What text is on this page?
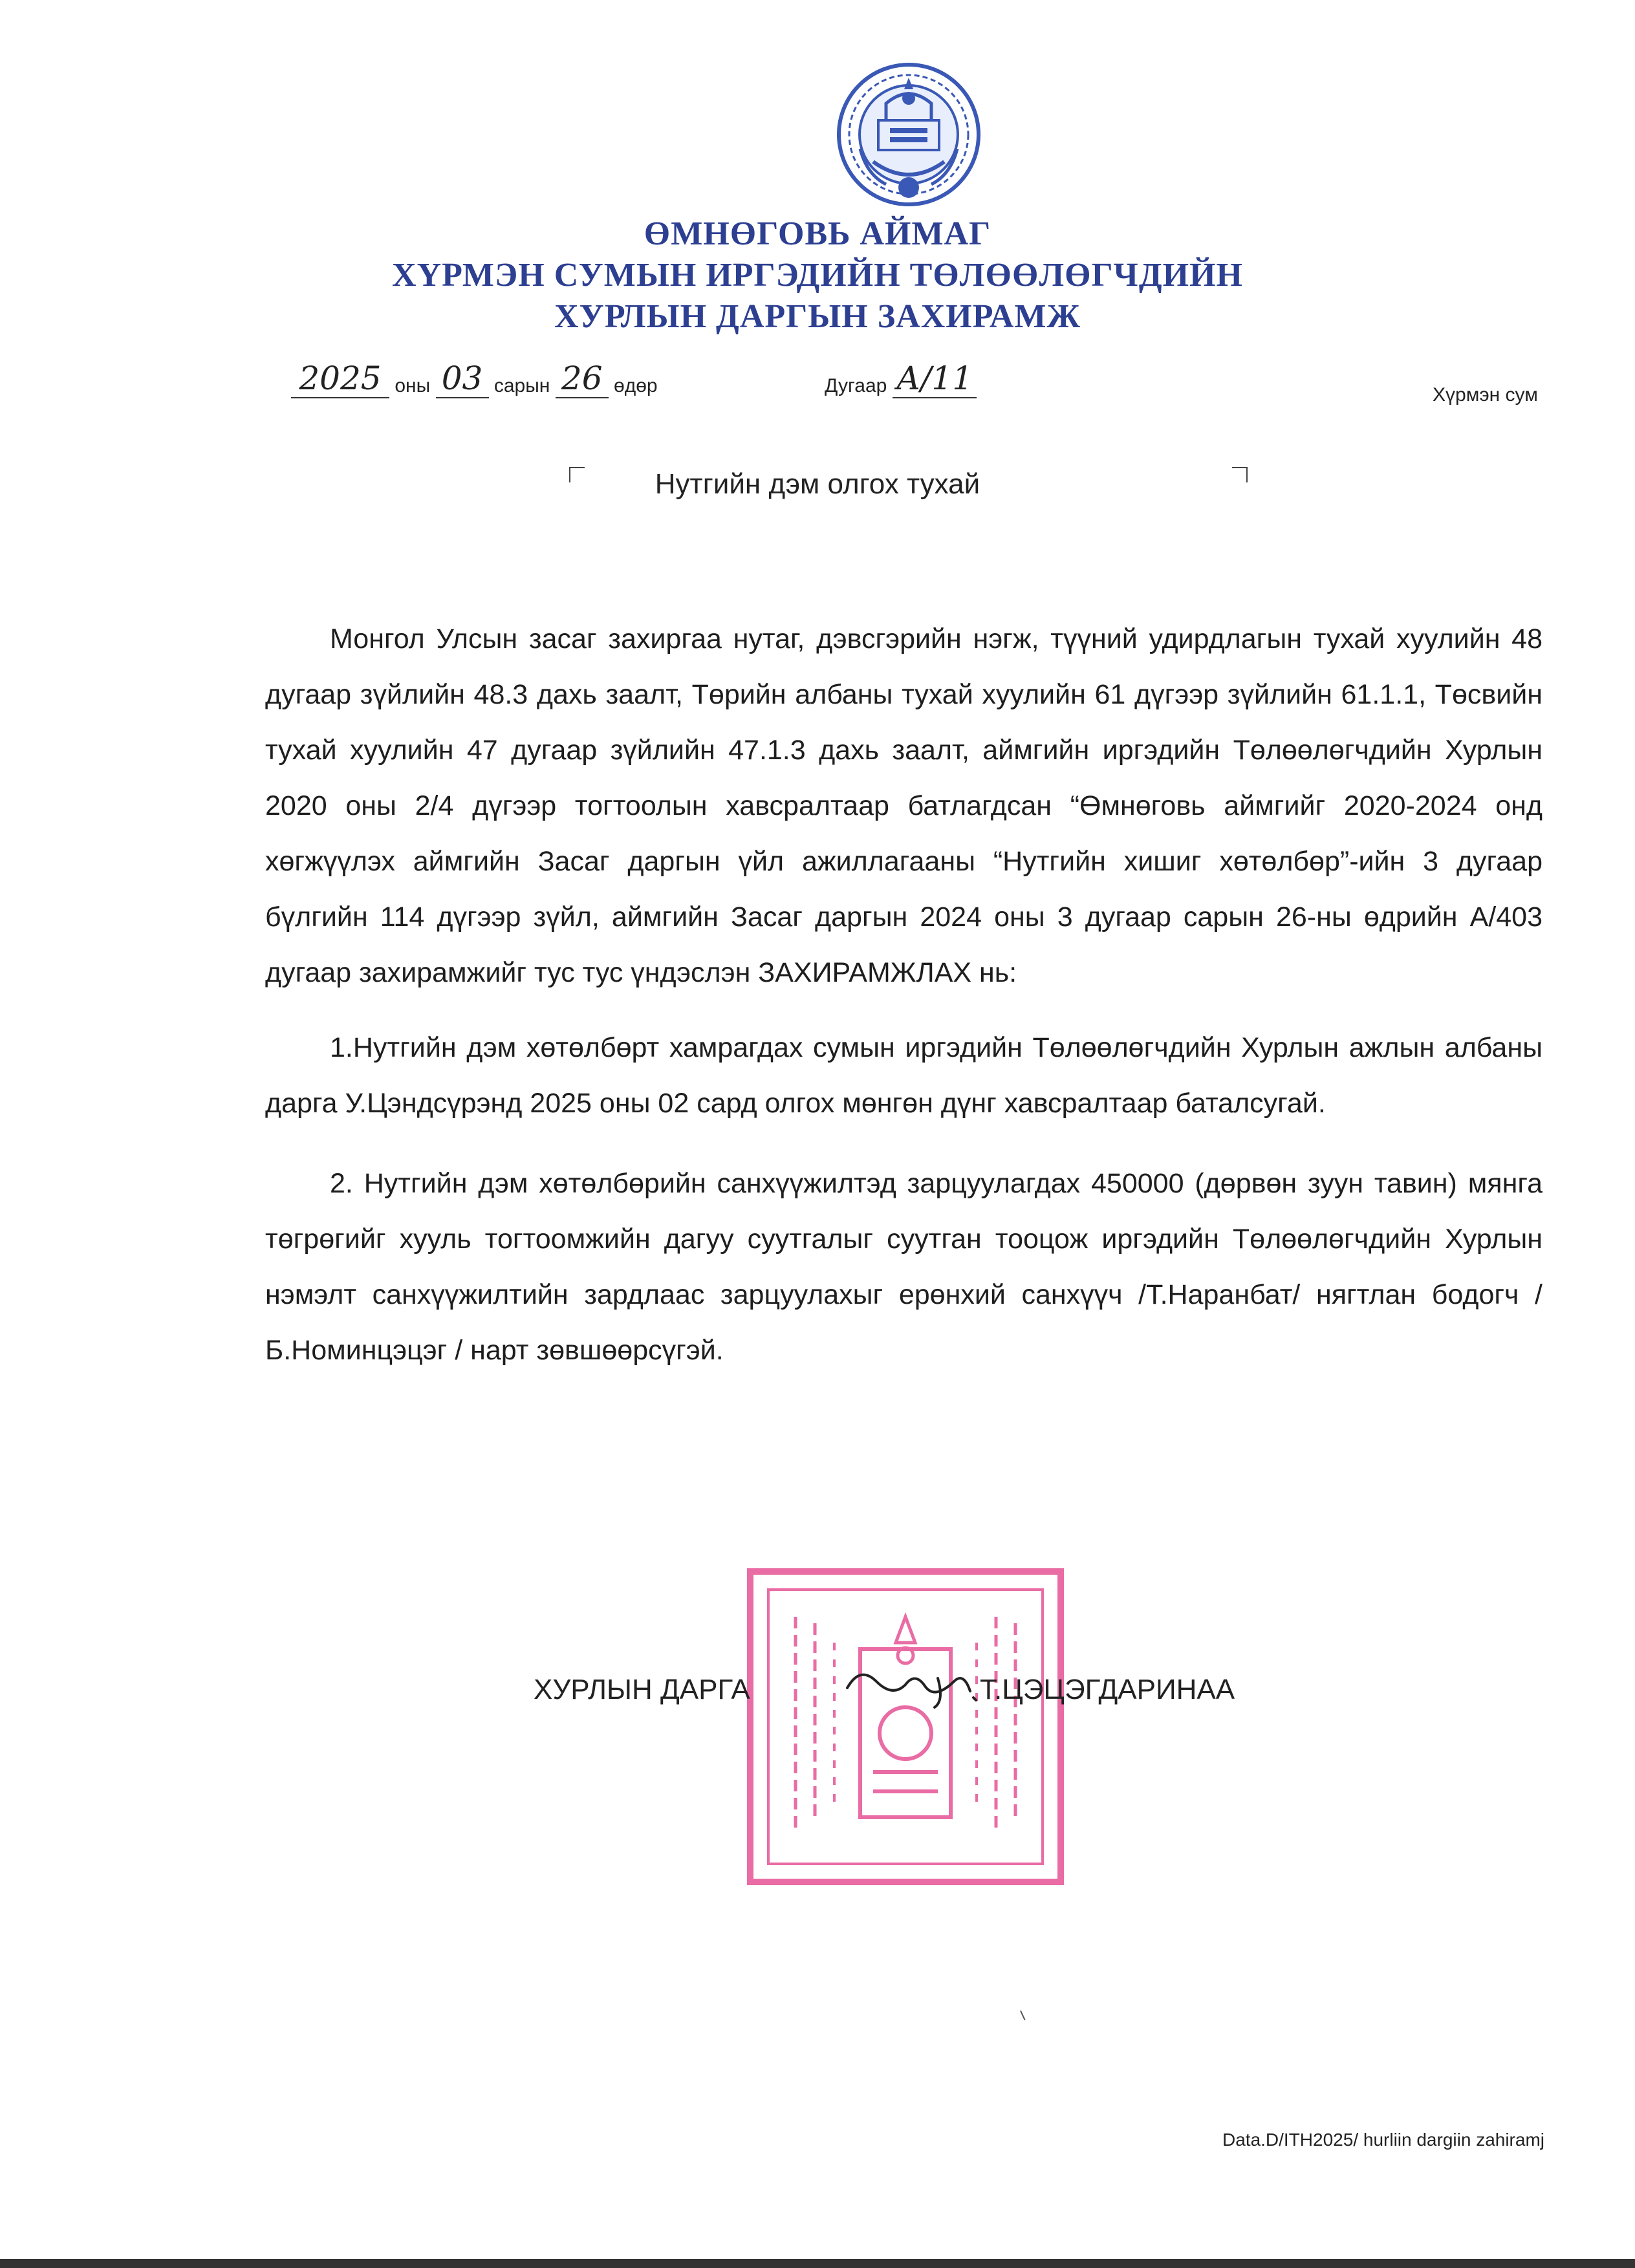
ӨМНӨГОВЬ АЙМАГ
ХҮРМЭН СУМЫН ИРГЭДИЙН ТӨЛӨӨЛӨГЧДИЙН
ХУРЛЫН ДАРГЫН ЗАХИРАМЖ
2025 оны 03 сарын 26 өдөр	Дугаар А/11	Хүрмэн сум
Нутгийн дэм олгох тухай

Монгол Улсын засаг захиргаа нутаг, дэвсгэрийн нэгж, түүний удирдлагын тухай хуулийн 48 дугаар зүйлийн 48.3 дахь заалт, Төрийн албаны тухай хуулийн 61 дүгээр зүйлийн 61.1.1, Төсвийн тухай хуулийн 47 дугаар зүйлийн 47.1.3 дахь заалт, аймгийн иргэдийн Төлөөлөгчдийн Хурлын 2020 оны 2/4 дүгээр тогтоолын хавсралтаар батлагдсан “Өмнөговь аймгийг 2020-2024 онд хөгжүүлэх аймгийн Засаг даргын үйл ажиллагааны “Нутгийн хишиг хөтөлбөр”-ийн 3 дугаар бүлгийн 114 дүгээр зүйл, аймгийн Засаг даргын 2024 оны 3 дугаар сарын 26-ны өдрийн А/403 дугаар захирамжийг тус тус үндэслэн ЗАХИРАМЖЛАХ нь:

1.Нутгийн дэм хөтөлбөрт хамрагдах сумын иргэдийн Төлөөлөгчдийн Хурлын ажлын албаны дарга У.Цэндсүрэнд 2025 оны 02 сард олгох мөнгөн дүнг хавсралтаар баталсугай.

2. Нутгийн дэм хөтөлбөрийн санхүүжилтэд зарцуулагдах 450000 (дөрвөн зуун тавин) мянга төгрөгийг хууль тогтоомжийн дагуу суутгалыг суутган тооцож иргэдийн Төлөөлөгчдийн Хурлын нэмэлт санхүүжилтийн зардлаас зарцуулахыг ерөнхий санхүүч /Т.Наранбат/ нягтлан бодогч /Б.Номинцэцэг / нарт зөвшөөрсүгэй.

ХУРЛЫН ДАРГА	Т.ЦЭЦЭГДАРИНАА
Data.D/ITH2025/ hurliin dargiin zahiramj
